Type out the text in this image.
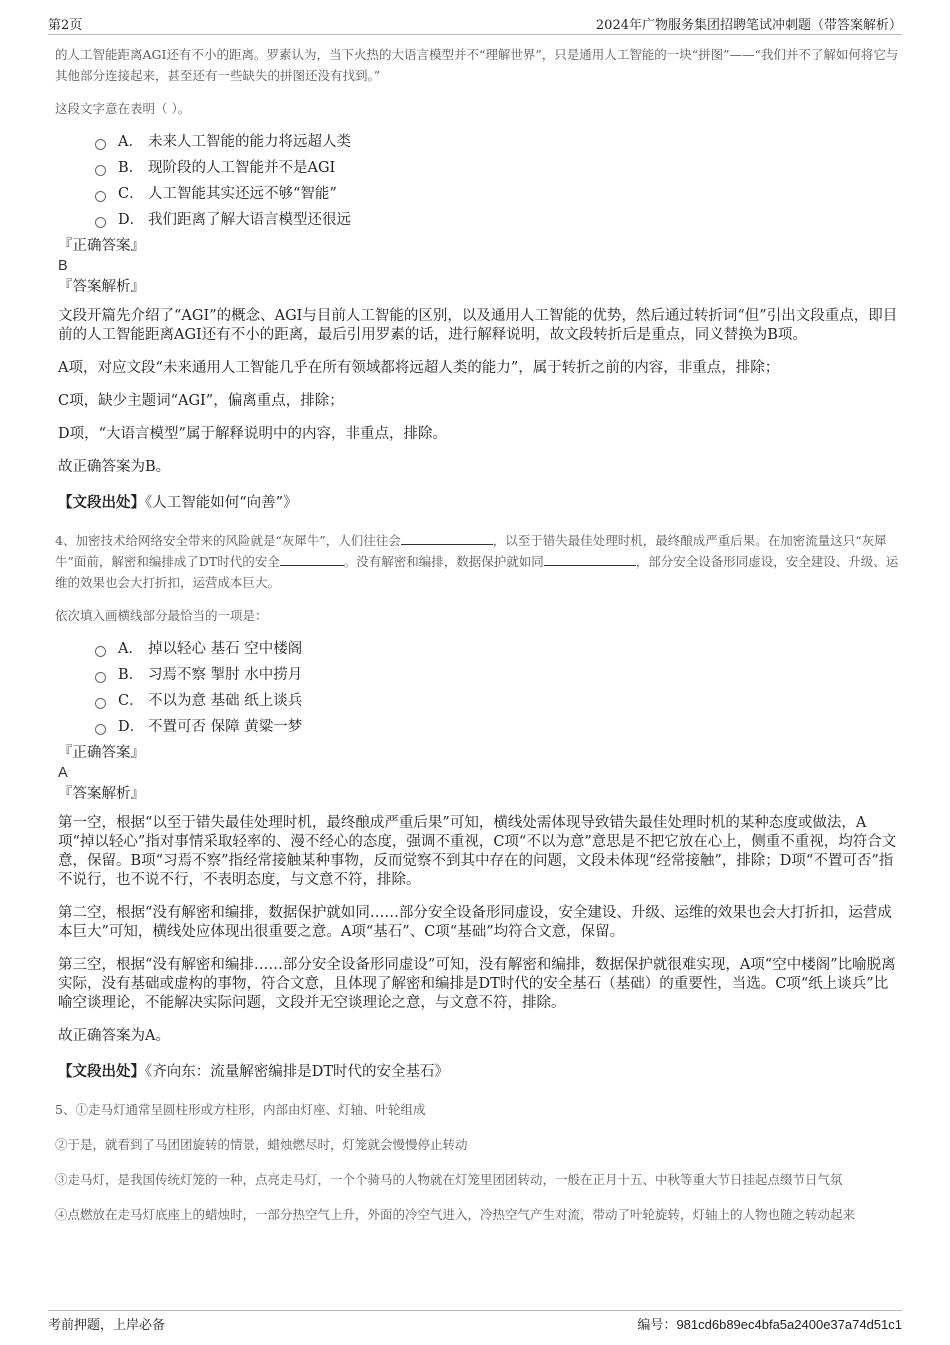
第2页	2024年广物服务集团招聘笔试冲刺题（带答案解析）

的人工智能距离AGI还有不小的距离。罗素认为，当下火热的大语言模型并不“理解世界”，只是通用人工智能的一块“拼图”——“我们并不了解如何将它与其他部分连接起来，甚至还有一些缺失的拼图还没有找到。”

这段文字意在表明（ ）。

A． 未来人工智能的能力将远超人类
B． 现阶段的人工智能并不是AGI
C． 人工智能其实还远不够“智能”
D． 我们距离了解大语言模型还很远
『正确答案』
B
『答案解析』

文段开篇先介绍了“AGI”的概念、AGI与目前人工智能的区别，以及通用人工智能的优势，然后通过转折词“但”引出文段重点，即目前的人工智能距离AGI还有不小的距离，最后引用罗素的话，进行解释说明，故文段转折后是重点，同义替换为B项。

A项，对应文段“未来通用人工智能几乎在所有领域都将远超人类的能力”，属于转折之前的内容，非重点，排除；

C项，缺少主题词“AGI”，偏离重点，排除；

D项，“大语言模型”属于解释说明中的内容，非重点，排除。

故正确答案为B。

【文段出处】《人工智能如何“向善”》

4、加密技术给网络安全带来的风险就是“灰犀牛”，人们往往会	，以至于错失最佳处理时机，最终酿成严重后果。在加密流量这只“灰犀牛”面前，解密和编排成了DT时代的安全	。没有解密和编排，数据保护就如同	，部分安全设备形同虚设，安全建设、升级、运维的效果也会大打折扣，运营成本巨大。

依次填入画横线部分最恰当的一项是：

A． 掉以轻心 基石 空中楼阁
B． 习焉不察 掣肘 水中捞月
C． 不以为意 基础 纸上谈兵
D． 不置可否 保障 黄粱一梦
『正确答案』
A
『答案解析』

第一空，根据“以至于错失最佳处理时机，最终酿成严重后果”可知，横线处需体现导致错失最佳处理时机的某种态度或做法，A项“掉以轻心”指对事情采取轻率的、漫不经心的态度，强调不重视，C项“不以为意”意思是不把它放在心上，侧重不重视，均符合文意，保留。B项“习焉不察”指经常接触某种事物，反而觉察不到其中存在的问题，文段未体现“经常接触”，排除；D项“不置可否”指不说行，也不说不行，不表明态度，与文意不符，排除。

第二空，根据“没有解密和编排，数据保护就如同……部分安全设备形同虚设，安全建设、升级、运维的效果也会大打折扣，运营成本巨大”可知，横线处应体现出很重要之意。A项“基石”、C项“基础”均符合文意，保留。

第三空，根据“没有解密和编排……部分安全设备形同虚设”可知，没有解密和编排，数据保护就很难实现，A项“空中楼阁”比喻脱离实际，没有基础或虚构的事物，符合文意，且体现了解密和编排是DT时代的安全基石（基础）的重要性，当选。C项“纸上谈兵”比喻空谈理论，不能解决实际问题，文段并无空谈理论之意，与文意不符，排除。

故正确答案为A。

【文段出处】《齐向东：流量解密编排是DT时代的安全基石》

5、①走马灯通常呈圆柱形或方柱形，内部由灯座、灯轴、叶轮组成

②于是，就看到了马团团旋转的情景，蜡烛燃尽时，灯笼就会慢慢停止转动

③走马灯，是我国传统灯笼的一种，点亮走马灯，一个个骑马的人物就在灯笼里团团转动，一般在正月十五、中秋等重大节日挂起点缀节日气氛

④点燃放在走马灯底座上的蜡烛时，一部分热空气上升，外面的冷空气进入，冷热空气产生对流，带动了叶轮旋转，灯轴上的人物也随之转动起来

考前押题，上岸必备	编号：981cd6b89ec4bfa5a2400e37a74d51c1
